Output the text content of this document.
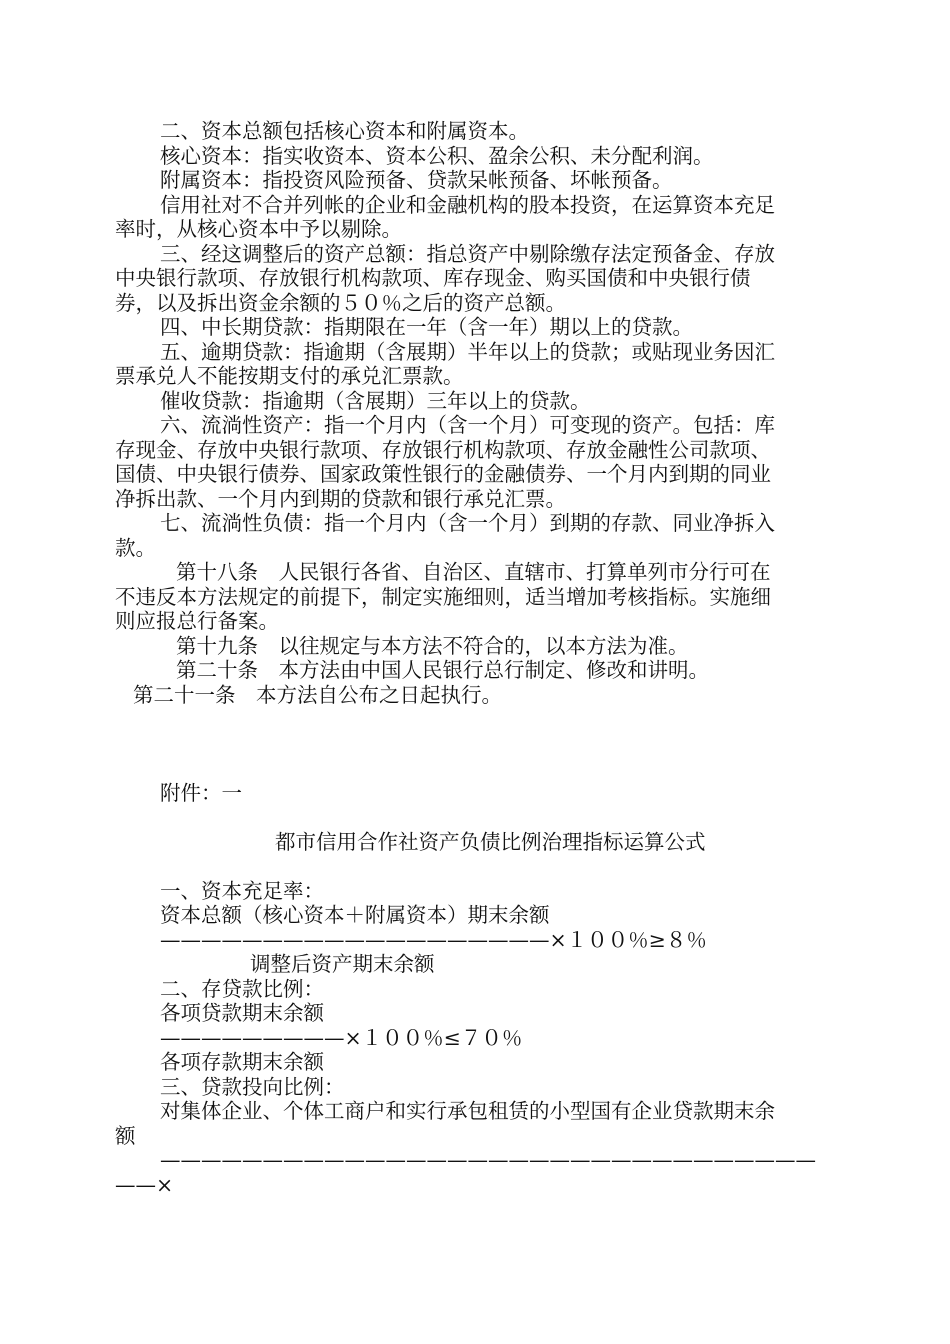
二、资本总额包括核心资本和附属资本。
核心资本：指实收资本、资本公积、盈余公积、未分配利润。
附属资本：指投资风险预备、贷款呆帐预备、坏帐预备。
信用社对不合并列帐的企业和金融机构的股本投资，在运算资本充足
率时，从核心资本中予以剔除。
三、经这调整后的资产总额：指总资产中剔除缴存法定预备金、存放
中央银行款项、存放银行机构款项、库存现金、购买国债和中央银行债
券，以及拆出资金余额的５０％之后的资产总额。
四、中长期贷款：指期限在一年（含一年）期以上的贷款。
五、逾期贷款：指逾期（含展期）半年以上的贷款；或贴现业务因汇
票承兑人不能按期支付的承兑汇票款。
催收贷款：指逾期（含展期）三年以上的贷款。
六、流淌性资产：指一个月内（含一个月）可变现的资产。包括：库
存现金、存放中央银行款项、存放银行机构款项、存放金融性公司款项、
国债、中央银行债券、国家政策性银行的金融债券、一个月内到期的同业
净拆出款、一个月内到期的贷款和银行承兑汇票。
七、流淌性负债：指一个月内（含一个月）到期的存款、同业净拆入
款。
第十八条　人民银行各省、自治区、直辖市、打算单列市分行可在
不违反本方法规定的前提下，制定实施细则，适当增加考核指标。实施细
则应报总行备案。
第十九条　以往规定与本方法不符合的，以本方法为准。
第二十条　本方法由中国人民银行总行制定、修改和讲明。
第二十一条　本方法自公布之日起执行。
附件：一
都市信用合作社资产负债比例治理指标运算公式
一、资本充足率：
资本总额（核心资本＋附属资本）期末余额
———————————————————×１００％≥８％
调整后资产期末余额
二、存贷款比例：
各项贷款期末余额
—————————×１００％≤７０％
各项存款期末余额
三、贷款投向比例：
对集体企业、个体工商户和实行承包租赁的小型国有企业贷款期末余
额
————————————————————————————————
——×
